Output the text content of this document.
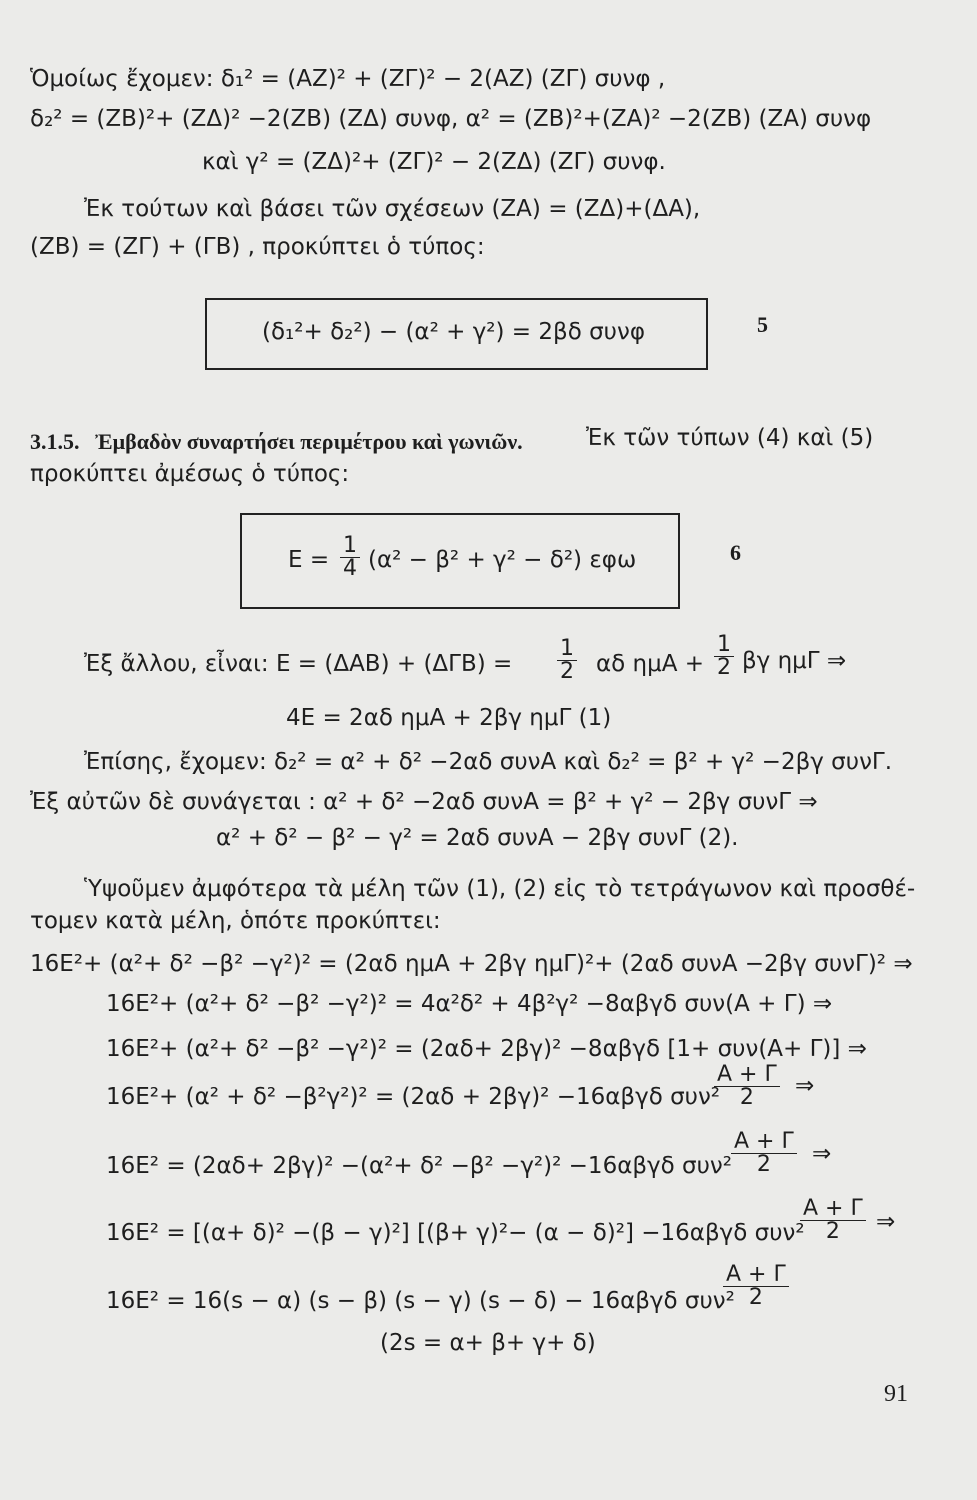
Ὁμοίως ἔχομεν: δ₁² = (ΑΖ)² + (ΖΓ)² − 2(ΑΖ) (ΖΓ) συνφ ,
δ₂² = (ΖΒ)²+ (ΖΔ)² −2(ΖΒ) (ΖΔ) συνφ, α² = (ΖΒ)²+(ΖΑ)² −2(ΖΒ) (ΖΑ) συνφ
καὶ γ² = (ΖΔ)²+ (ΖΓ)² − 2(ΖΔ) (ΖΓ) συνφ.
Ἐκ τούτων καὶ βάσει τῶν σχέσεων (ΖΑ) = (ΖΔ)+(ΔΑ),
(ΖΒ) = (ΖΓ) + (ΓΒ) , προκύπτει ὁ τύπος:
(δ₁²+ δ₂²) − (α² + γ²) = 2βδ συνφ	5
3.1.5. Ἐμβαδὸν συναρτήσει περιμέτρου καὶ γωνιῶν.	Ἐκ τῶν τύπων (4) καὶ (5)
προκύπτει ἀμέσως ὁ τύπος:
$E = \frac{1}{4} (\alpha^2 - \beta^2 + \gamma^2 - \delta^2)$ εφω	6
Ἐξ ἄλλου, εἶναι: $E = (\Delta AB) + (\Delta\Gamma B) = \frac{1}{2}$ αδ $\eta\mu A + \frac{1}{2}$ βγ ημΓ ⇒
4E = 2αδ ημΑ + 2βγ ημΓ (1)
Ἐπίσης, ἔχομεν: δ₂² = α² + δ² −2αδ συνΑ καὶ δ₂² = β² + γ² −2βγ συνΓ.
Ἐξ αὐτῶν δὲ συνάγεται : α² + δ² −2αδ συνΑ = β² + γ² − 2βγ συνΓ ⇒
α² + δ² − β² − γ² = 2αδ συνΑ − 2βγ συνΓ (2).
Ὑψοῦμεν ἀμφότερα τὰ μέλη τῶν (1), (2) εἰς τὸ τετράγωνον καὶ προσθέ-
τομεν κατὰ μέλη, ὁπότε προκύπτει:
16E²+ (α²+ δ² −β² −γ²)² = (2αδ ημΑ + 2βγ ημΓ)²+ (2αδ συνΑ −2βγ συνΓ)² ⇒
16E²+ (α²+ δ² −β² −γ²)² = 4α²δ² + 4β²γ² −8αβγδ συν(Α + Γ) ⇒
16E²+ (α²+ δ² −β² −γ²)² = (2αδ+ 2βγ)² −8αβγδ [1+ συν(Α+ Γ)] ⇒
16E²+ (α² + δ² −β²γ²)² = (2αδ + 2βγ)² −16αβγδ συν²
$\frac{A + \Gamma}{2}$ ⇒
16E² = (2αδ+ 2βγ)² −(α²+ δ² −β² −γ²)² −16αβγδ $\sigma\upsilon\nu^2 \frac{A + \Gamma}{2}$ ⇒
16E² = [(α+ δ)² −(β − γ)²] [(β+ γ)²− (α − δ)²] −16αβγδ συν²
$\frac{A + \Gamma}{2}$ ⇒
16E² = 16(s − α) (s − β) (s − γ) (s − δ) − 16αβγδ συν²
$\frac{A + \Gamma}{2}$
(2s = α+ β+ γ+ δ)
91
